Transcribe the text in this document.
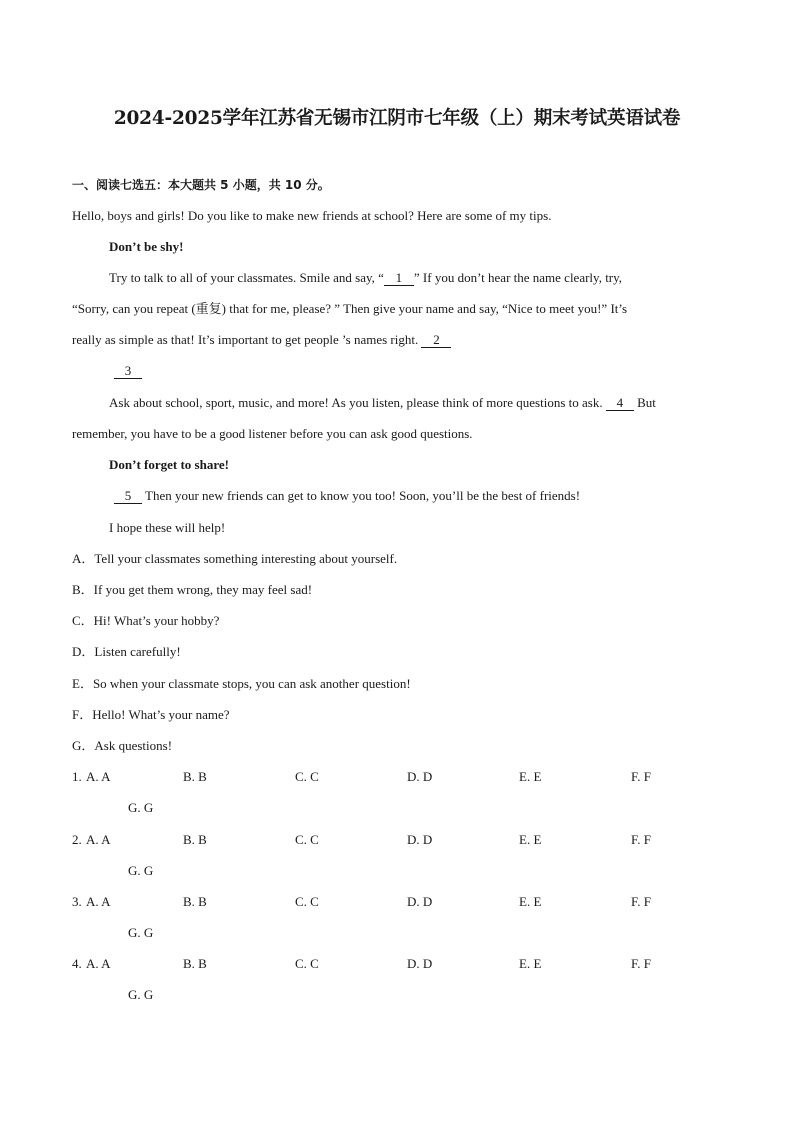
2024-2025学年江苏省无锡市江阴市七年级（上）期末考试英语试卷
一、阅读七选五：本大题共 5 小题，共 10 分。
Hello, boys and girls! Do you like to make new friends at school? Here are some of my tips.
Don’t be shy!
Try to talk to all of your classmates. Smile and say, “ 1 ” If you don’t hear the name clearly, try,
“Sorry, can you repeat (重复) that for me, please? ” Then give your name and say, “Nice to meet you!” It’s
really as simple as that! It’s important to get people ’s names right. 2
3
Ask about school, sport, music, and more! As you listen, please think of more questions to ask. 4 But
remember, you have to be a good listener before you can ask good questions.
Don’t forget to share!
5 Then your new friends can get to know you too! Soon, you’ll be the best of friends!
I hope these will help!
A．Tell your classmates something interesting about yourself.
B．If you get them wrong, they may feel sad!
C．Hi! What’s your hobby?
D．Listen carefully!
E．So when your classmate stops, you can ask another question!
F．Hello! What’s your name?
G．Ask questions!
1. A. A	B. B	C. C	D. D	E. E	F. F
G. G
2. A. A	B. B	C. C	D. D	E. E	F. F
G. G
3. A. A	B. B	C. C	D. D	E. E	F. F
G. G
4. A. A	B. B	C. C	D. D	E. E	F. F
G. G
